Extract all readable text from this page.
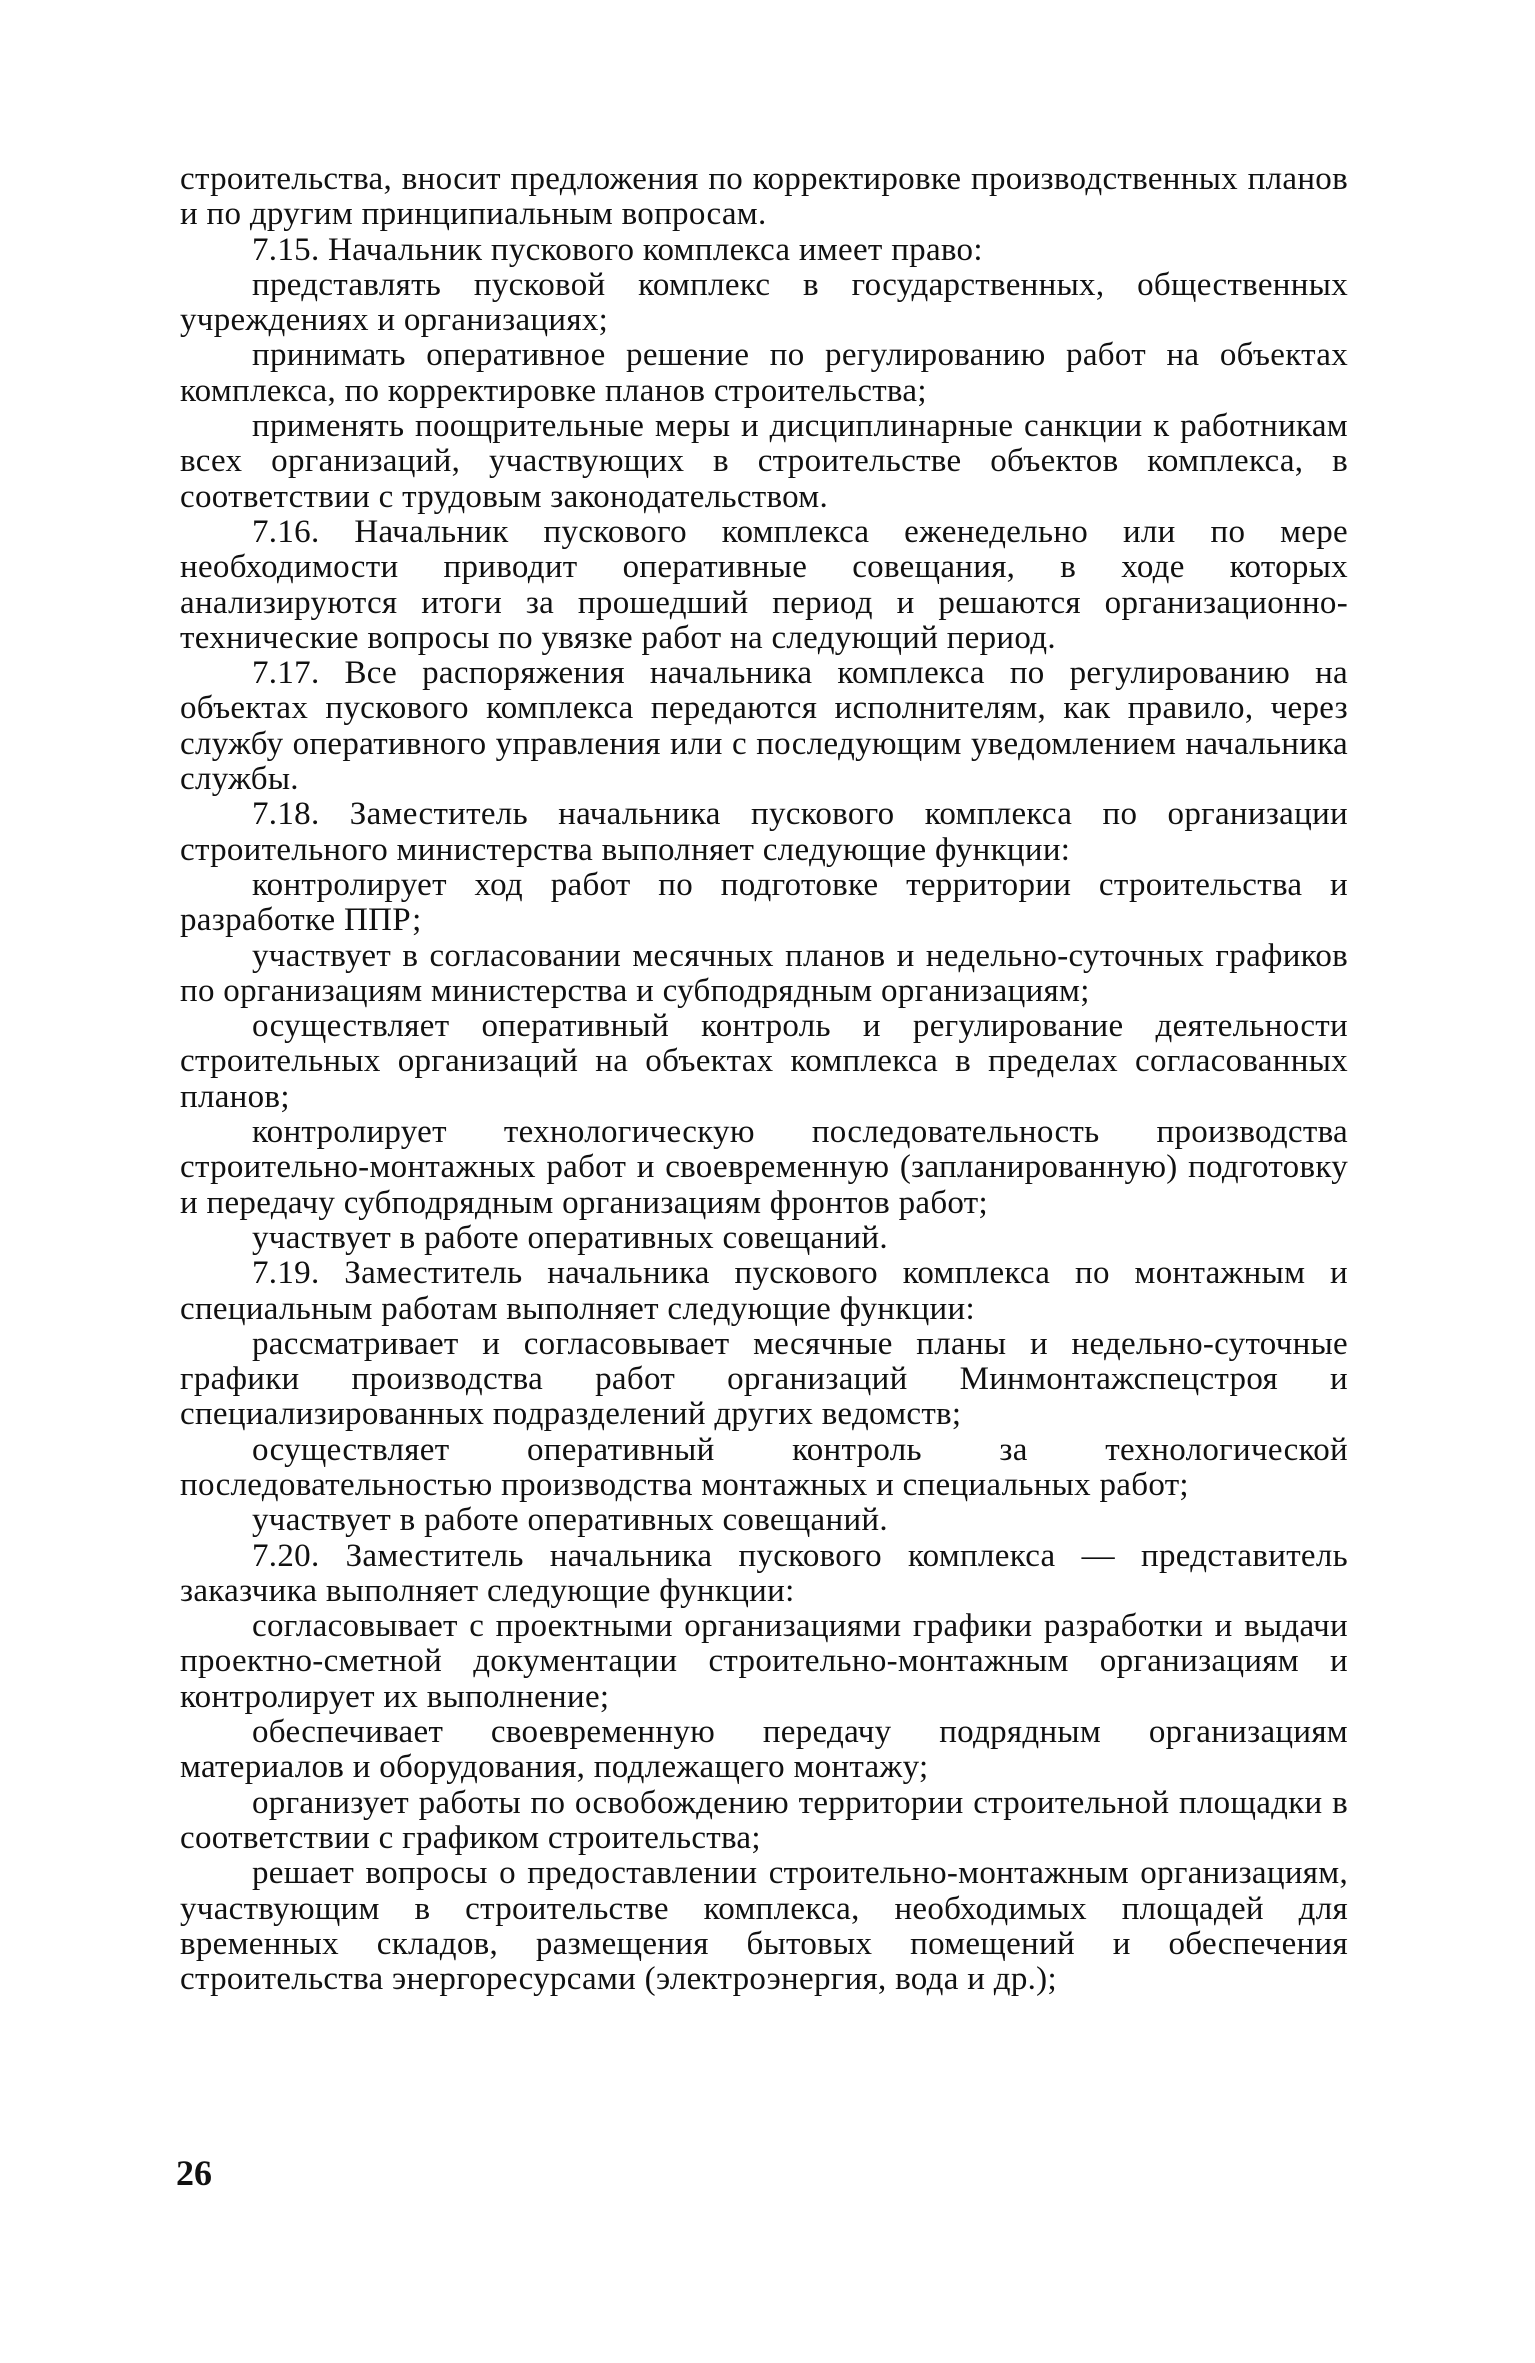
строительства, вносит предложения по корректировке производственных планов и по другим принципиальным вопросам.

7.15. Начальник пускового комплекса имеет право:

представлять пусковой комплекс в государственных, общественных учреждениях и организациях;

принимать оперативное решение по регулированию работ на объектах комплекса, по корректировке планов строительства;

применять поощрительные меры и дисциплинарные санкции к работникам всех организаций, участвующих в строительстве объектов комплекса, в соответствии с трудовым законодательством.

7.16. Начальник пускового комплекса еженедельно или по мере необходимости приводит оперативные совещания, в ходе которых анализируются итоги за прошедший период и решаются организационно-технические вопросы по увязке работ на следующий период.

7.17. Все распоряжения начальника комплекса по регулированию на объектах пускового комплекса передаются исполнителям, как правило, через службу оперативного управления или с последующим уведомлением начальника службы.

7.18. Заместитель начальника пускового комплекса по организации строительного министерства выполняет следующие функции:

контролирует ход работ по подготовке территории строительства и разработке ППР;

участвует в согласовании месячных планов и недельно-суточных графиков по организациям министерства и субподрядным организациям;

осуществляет оперативный контроль и регулирование деятельности строительных организаций на объектах комплекса в пределах согласованных планов;

контролирует технологическую последовательность производства строительно-монтажных работ и своевременную (запланированную) подготовку и передачу субподрядным организациям фронтов работ;

участвует в работе оперативных совещаний.

7.19. Заместитель начальника пускового комплекса по монтажным и специальным работам выполняет следующие функции:

рассматривает и согласовывает месячные планы и недельно-суточные графики производства работ организаций Минмонтажспецстроя и специализированных подразделений других ведомств;

осуществляет оперативный контроль за технологической последовательностью производства монтажных и специальных работ;

участвует в работе оперативных совещаний.

7.20. Заместитель начальника пускового комплекса — представитель заказчика выполняет следующие функции:

согласовывает с проектными организациями графики разработки и выдачи проектно-сметной документации строительно-монтажным организациям и контролирует их выполнение;

обеспечивает своевременную передачу подрядным организациям материалов и оборудования, подлежащего монтажу;

организует работы по освобождению территории строительной площадки в соответствии с графиком строительства;

решает вопросы о предоставлении строительно-монтажным организациям, участвующим в строительстве комплекса, необходимых площадей для временных складов, размещения бытовых помещений и обеспечения строительства энергоресурсами (электроэнергия, вода и др.);

26
